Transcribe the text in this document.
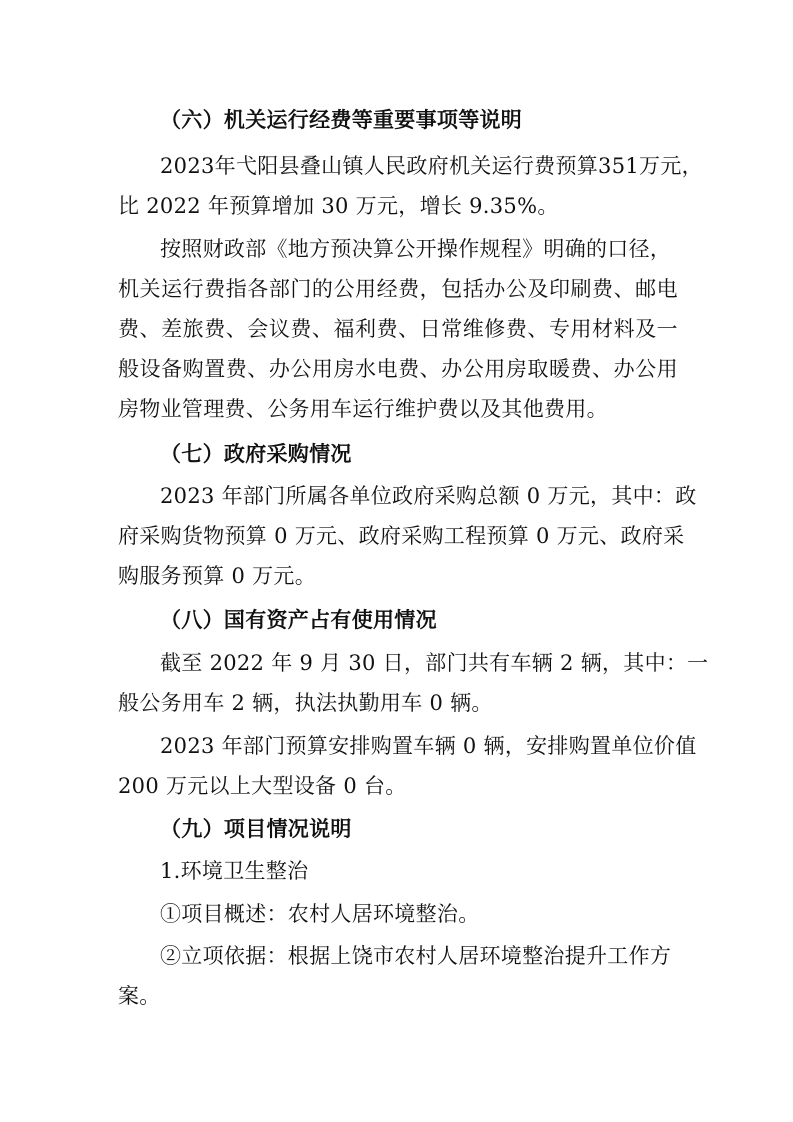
（六）机关运行经费等重要事项等说明
2023年弋阳县叠山镇人民政府机关运行费预算351万元，
比 2022 年预算增加 30 万元，增长 9.35%。
按照财政部《地方预决算公开操作规程》明确的口径，
机关运行费指各部门的公用经费，包括办公及印刷费、邮电
费、差旅费、会议费、福利费、日常维修费、专用材料及一
般设备购置费、办公用房水电费、办公用房取暖费、办公用
房物业管理费、公务用车运行维护费以及其他费用。
（七）政府采购情况
2023 年部门所属各单位政府采购总额 0 万元，其中：政
府采购货物预算 0 万元、政府采购工程预算 0 万元、政府采
购服务预算 0 万元。
（八）国有资产占有使用情况
截至 2022 年 9 月 30 日，部门共有车辆 2 辆，其中：一
般公务用车 2 辆，执法执勤用车 0 辆。
2023 年部门预算安排购置车辆 0 辆，安排购置单位价值
200 万元以上大型设备 0 台。
（九）项目情况说明
1.环境卫生整治
①项目概述：农村人居环境整治。
②立项依据：根据上饶市农村人居环境整治提升工作方
案。
